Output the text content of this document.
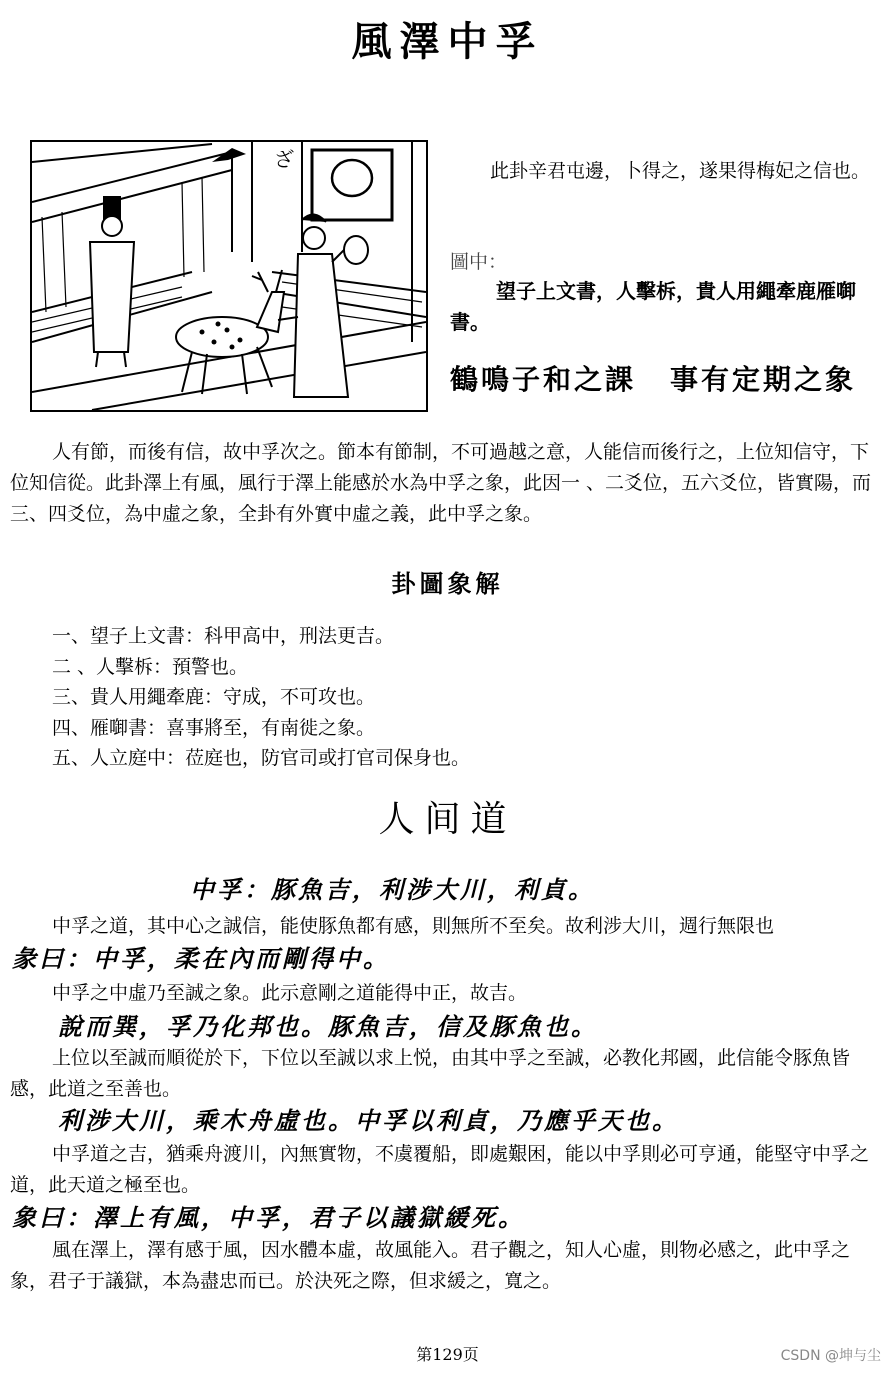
風澤中孚
ざ	此卦辛君屯邊，卜得之，遂果得梅妃之信也。

圖中：
望子上文書，人擊柝，貴人用繩牽鹿雁啣書。
鶴鳴子和之課 事有定期之象

人有節，而後有信，故中孚次之。節本有節制，不可過越之意，人能信而後行之，上位知信守，下位知信從。此卦澤上有風，風行于澤上能感於水為中孚之象，此因一 、二爻位，五六爻位，皆實陽，而三、四爻位，為中虛之象，全卦有外實中虛之義，此中孚之象。

卦圖象解
一、望子上文書：科甲高中，刑法更吉。
二 、人擊柝：預警也。
三、貴人用繩牽鹿：守成，不可攻也。
四、雁啣書：喜事將至，有南徙之象。
五、人立庭中：莅庭也，防官司或打官司保身也。
人间道
中孚：豚魚吉，利涉大川，利貞。

中孚之道，其中心之誠信，能使豚魚都有感，則無所不至矣。故利涉大川，週行無限也

彖曰：中孚，柔在內而剛得中。

中孚之中虛乃至誠之象。此示意剛之道能得中正，故吉。

說而巽，孚乃化邦也。豚魚吉，信及豚魚也。

上位以至誠而順從於下，下位以至誠以求上悦，由其中孚之至誠，必教化邦國，此信能令豚魚皆感，此道之至善也。

利涉大川，乘木舟虛也。中孚以利貞，乃應乎天也。

中孚道之吉，猶乘舟渡川，內無實物，不虞覆船，即處艱困，能以中孚則必可亨通，能堅守中孚之道，此天道之極至也。

象曰：澤上有風，中孚，君子以議獄緩死。

風在澤上，澤有感于風，因水體本虛，故風能入。君子觀之，知人心虛，則物必感之，此中孚之象，君子于議獄，本為盡忠而已。於決死之際，但求緩之，寬之。

第129页	CSDN @坤与尘
